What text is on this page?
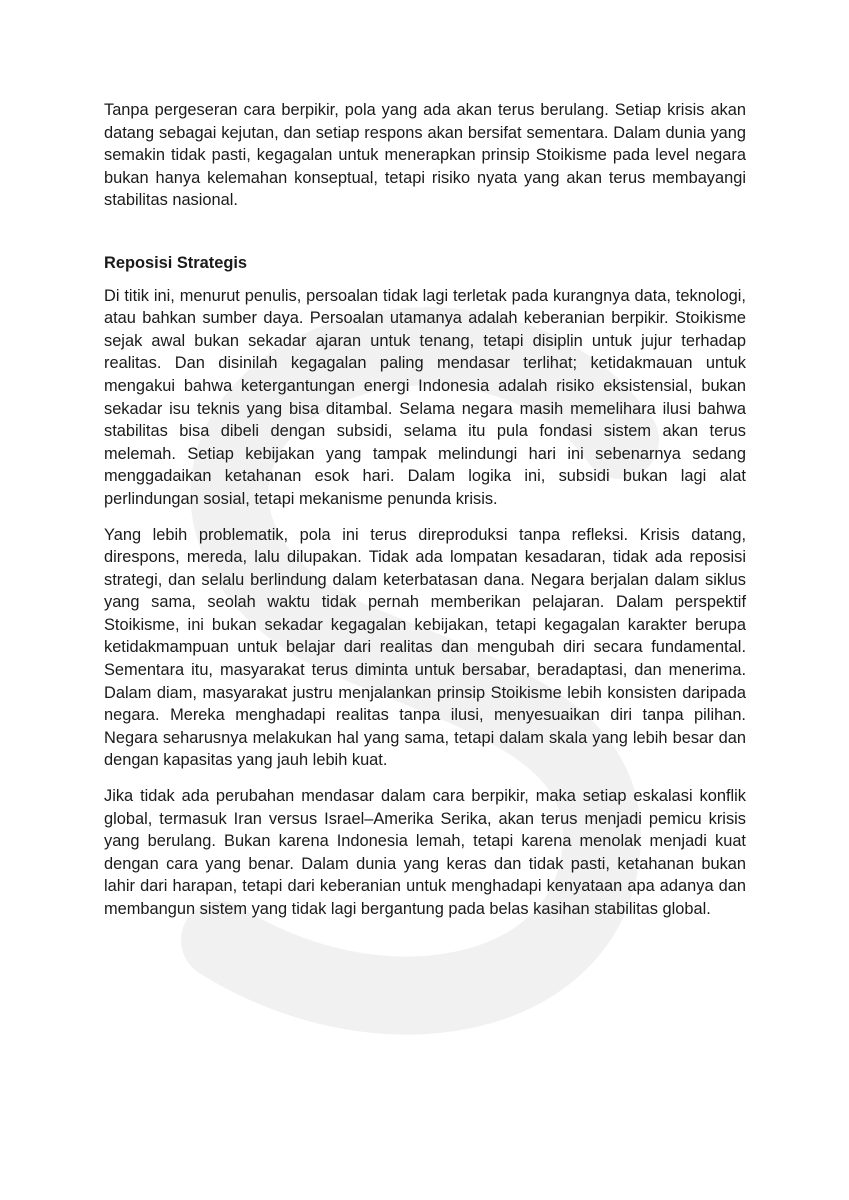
Tanpa pergeseran cara berpikir, pola yang ada akan terus berulang. Setiap krisis akan datang sebagai kejutan, dan setiap respons akan bersifat sementara. Dalam dunia yang semakin tidak pasti, kegagalan untuk menerapkan prinsip Stoikisme pada level negara bukan hanya kelemahan konseptual, tetapi risiko nyata yang akan terus membayangi stabilitas nasional.

Reposisi Strategis

Di titik ini, menurut penulis, persoalan tidak lagi terletak pada kurangnya data, teknologi, atau bahkan sumber daya. Persoalan utamanya adalah keberanian berpikir. Stoikisme sejak awal bukan sekadar ajaran untuk tenang, tetapi disiplin untuk jujur terhadap realitas. Dan disinilah kegagalan paling mendasar terlihat; ketidakmauan untuk mengakui bahwa ketergantungan energi Indonesia adalah risiko eksistensial, bukan sekadar isu teknis yang bisa ditambal. Selama negara masih memelihara ilusi bahwa stabilitas bisa dibeli dengan subsidi, selama itu pula fondasi sistem akan terus melemah. Setiap kebijakan yang tampak melindungi hari ini sebenarnya sedang menggadaikan ketahanan esok hari. Dalam logika ini, subsidi bukan lagi alat perlindungan sosial, tetapi mekanisme penunda krisis.

Yang lebih problematik, pola ini terus direproduksi tanpa refleksi. Krisis datang, direspons, mereda, lalu dilupakan. Tidak ada lompatan kesadaran, tidak ada reposisi strategi, dan selalu berlindung dalam keterbatasan dana. Negara berjalan dalam siklus yang sama, seolah waktu tidak pernah memberikan pelajaran. Dalam perspektif Stoikisme, ini bukan sekadar kegagalan kebijakan, tetapi kegagalan karakter berupa ketidakmampuan untuk belajar dari realitas dan mengubah diri secara fundamental. Sementara itu, masyarakat terus diminta untuk bersabar, beradaptasi, dan menerima. Dalam diam, masyarakat justru menjalankan prinsip Stoikisme lebih konsisten daripada negara. Mereka menghadapi realitas tanpa ilusi, menyesuaikan diri tanpa pilihan. Negara seharusnya melakukan hal yang sama, tetapi dalam skala yang lebih besar dan dengan kapasitas yang jauh lebih kuat.

Jika tidak ada perubahan mendasar dalam cara berpikir, maka setiap eskalasi konflik global, termasuk Iran versus Israel–Amerika Serika, akan terus menjadi pemicu krisis yang berulang. Bukan karena Indonesia lemah, tetapi karena menolak menjadi kuat dengan cara yang benar. Dalam dunia yang keras dan tidak pasti, ketahanan bukan lahir dari harapan, tetapi dari keberanian untuk menghadapi kenyataan apa adanya dan membangun sistem yang tidak lagi bergantung pada belas kasihan stabilitas global.
